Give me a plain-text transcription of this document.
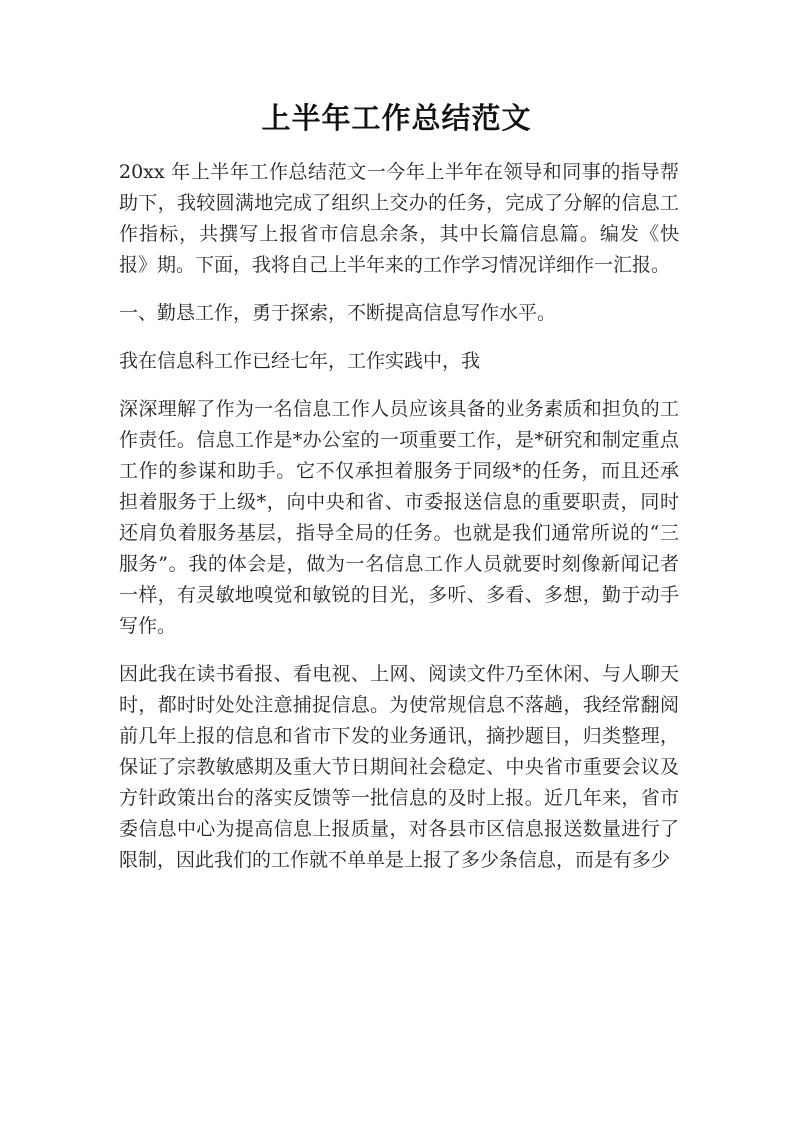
上半年工作总结范文

20xx 年上半年工作总结范文一今年上半年在领导和同事的指导帮助下，我较圆满地完成了组织上交办的任务，完成了分解的信息工作指标，共撰写上报省市信息余条，其中长篇信息篇。编发《快报》期。下面，我将自己上半年来的工作学习情况详细作一汇报。

一、勤恳工作，勇于探索，不断提高信息写作水平。

我在信息科工作已经七年，工作实践中，我

深深理解了作为一名信息工作人员应该具备的业务素质和担负的工作责任。信息工作是*办公室的一项重要工作，是*研究和制定重点工作的参谋和助手。它不仅承担着服务于同级*的任务，而且还承担着服务于上级*，向中央和省、市委报送信息的重要职责，同时还肩负着服务基层，指导全局的任务。也就是我们通常所说的“三服务”。我的体会是，做为一名信息工作人员就要时刻像新闻记者一样，有灵敏地嗅觉和敏锐的目光，多听、多看、多想，勤于动手写作。

因此我在读书看报、看电视、上网、阅读文件乃至休闲、与人聊天时，都时时处处注意捕捉信息。为使常规信息不落趟，我经常翻阅前几年上报的信息和省市下发的业务通讯，摘抄题目，归类整理，保证了宗教敏感期及重大节日期间社会稳定、中央省市重要会议及方针政策出台的落实反馈等一批信息的及时上报。近几年来，省市委信息中心为提高信息上报质量，对各县市区信息报送数量进行了限制，因此我们的工作就不单单是上报了多少条信息，而是有多少
